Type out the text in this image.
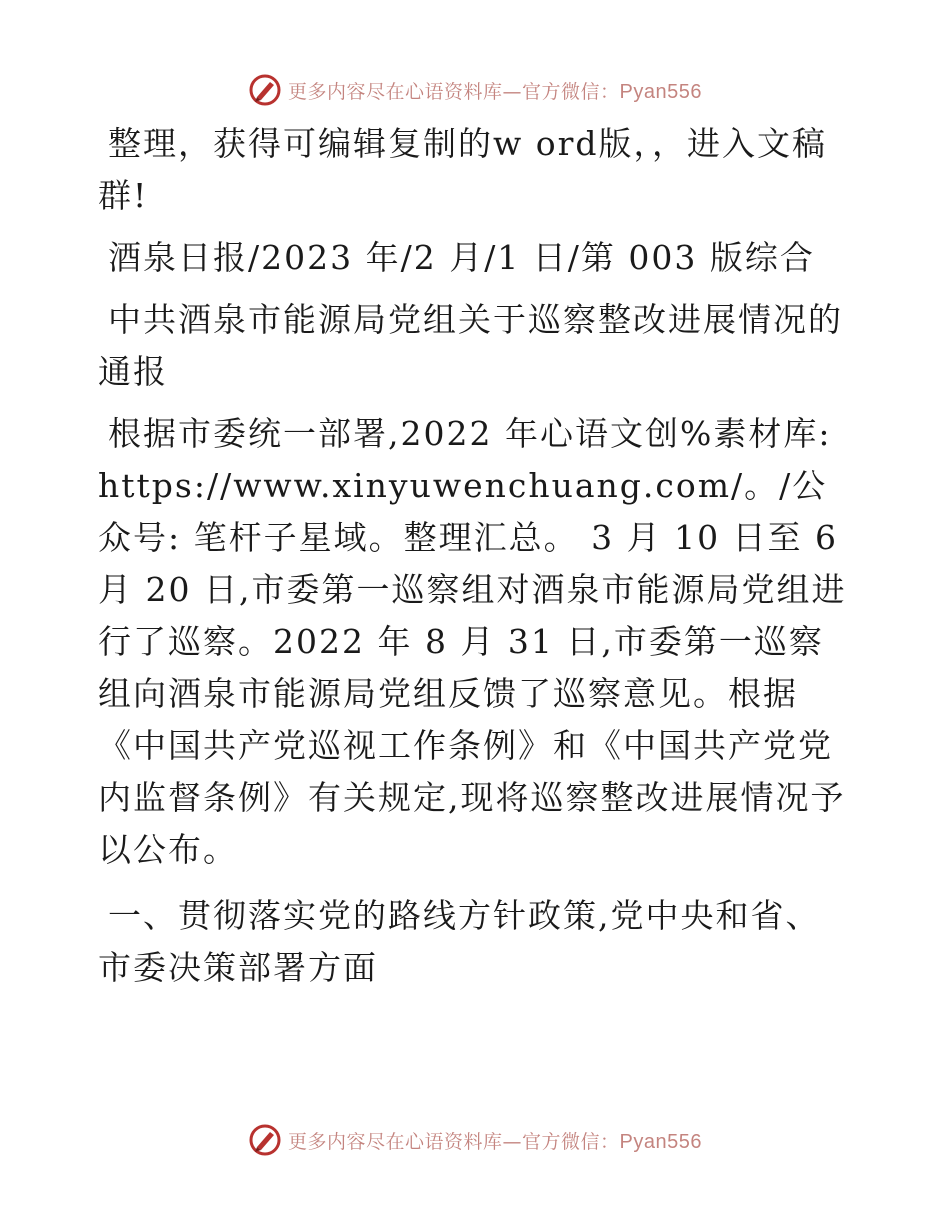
更多内容尽在心语资料库—官方微信：Pyan556

整理，获得可编辑复制的w ord版，，进入文稿群!

酒泉日报/2023 年/2 月/1 日/第 003 版综合

中共酒泉市能源局党组关于巡察整改进展情况的通报

根据市委统一部署,2022 年心语文创%素材库: https://www.xinyuwenchuang.com/。/公众号: 笔杆子星域。整理汇总。 3 月 10 日至 6 月 20 日,市委第一巡察组对酒泉市能源局党组进行了巡察。2022 年 8 月 31 日,市委第一巡察组向酒泉市能源局党组反馈了巡察意见。根据《中国共产党巡视工作条例》和《中国共产党党内监督条例》有关规定,现将巡察整改进展情况予以公布。

一、贯彻落实党的路线方针政策,党中央和省、市委决策部署方面

更多内容尽在心语资料库—官方微信：Pyan556
